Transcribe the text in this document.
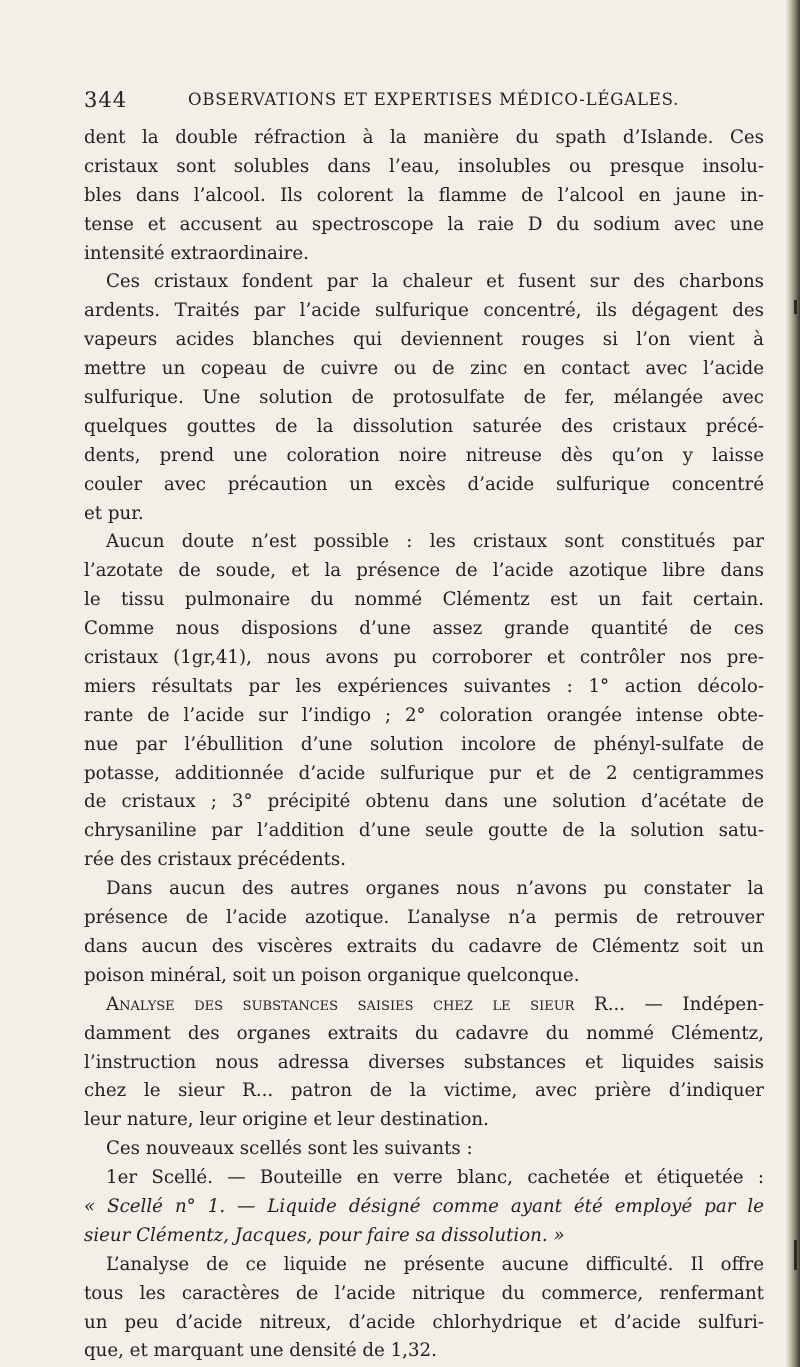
344	OBSERVATIONS ET EXPERTISES MÉDICO-LÉGALES.
dent la double réfraction à la manière du spath d’Islande. Ces
cristaux sont solubles dans l’eau, insolubles ou presque insolu-
bles dans l’alcool. Ils colorent la flamme de l’alcool en jaune in-
tense et accusent au spectroscope la raie D du sodium avec une
intensité extraordinaire.
Ces cristaux fondent par la chaleur et fusent sur des charbons
ardents. Traités par l’acide sulfurique concentré, ils dégagent des
vapeurs acides blanches qui deviennent rouges si l’on vient à
mettre un copeau de cuivre ou de zinc en contact avec l’acide
sulfurique. Une solution de protosulfate de fer, mélangée avec
quelques gouttes de la dissolution saturée des cristaux précé-
dents, prend une coloration noire nitreuse dès qu’on y laisse
couler avec précaution un excès d’acide sulfurique concentré
et pur.
Aucun doute n’est possible : les cristaux sont constitués par
l’azotate de soude, et la présence de l’acide azotique libre dans
le tissu pulmonaire du nommé Clémentz est un fait certain.
Comme nous disposions d’une assez grande quantité de ces
cristaux (1gr,41), nous avons pu corroborer et contrôler nos pre-
miers résultats par les expériences suivantes : 1° action décolo-
rante de l’acide sur l’indigo ; 2° coloration orangée intense obte-
nue par l’ébullition d’une solution incolore de phényl-sulfate de
potasse, additionnée d’acide sulfurique pur et de 2 centigrammes
de cristaux ; 3° précipité obtenu dans une solution d’acétate de
chrysaniline par l’addition d’une seule goutte de la solution satu-
rée des cristaux précédents.
Dans aucun des autres organes nous n’avons pu constater la
présence de l’acide azotique. L’analyse n’a permis de retrouver
dans aucun des viscères extraits du cadavre de Clémentz soit un
poison minéral, soit un poison organique quelconque.
Analyse des substances saisies chez le sieur R... — Indépen-
damment des organes extraits du cadavre du nommé Clémentz,
l’instruction nous adressa diverses substances et liquides saisis
chez le sieur R... patron de la victime, avec prière d’indiquer
leur nature, leur origine et leur destination.
Ces nouveaux scellés sont les suivants :
1er Scellé. — Bouteille en verre blanc, cachetée et étiquetée :
« Scellé n° 1. — Liquide désigné comme ayant été employé par le
sieur Clémentz, Jacques, pour faire sa dissolution. »
L’analyse de ce liquide ne présente aucune difficulté. Il offre
tous les caractères de l’acide nitrique du commerce, renfermant
un peu d’acide nitreux, d’acide chlorhydrique et d’acide sulfuri-
que, et marquant une densité de 1,32.
